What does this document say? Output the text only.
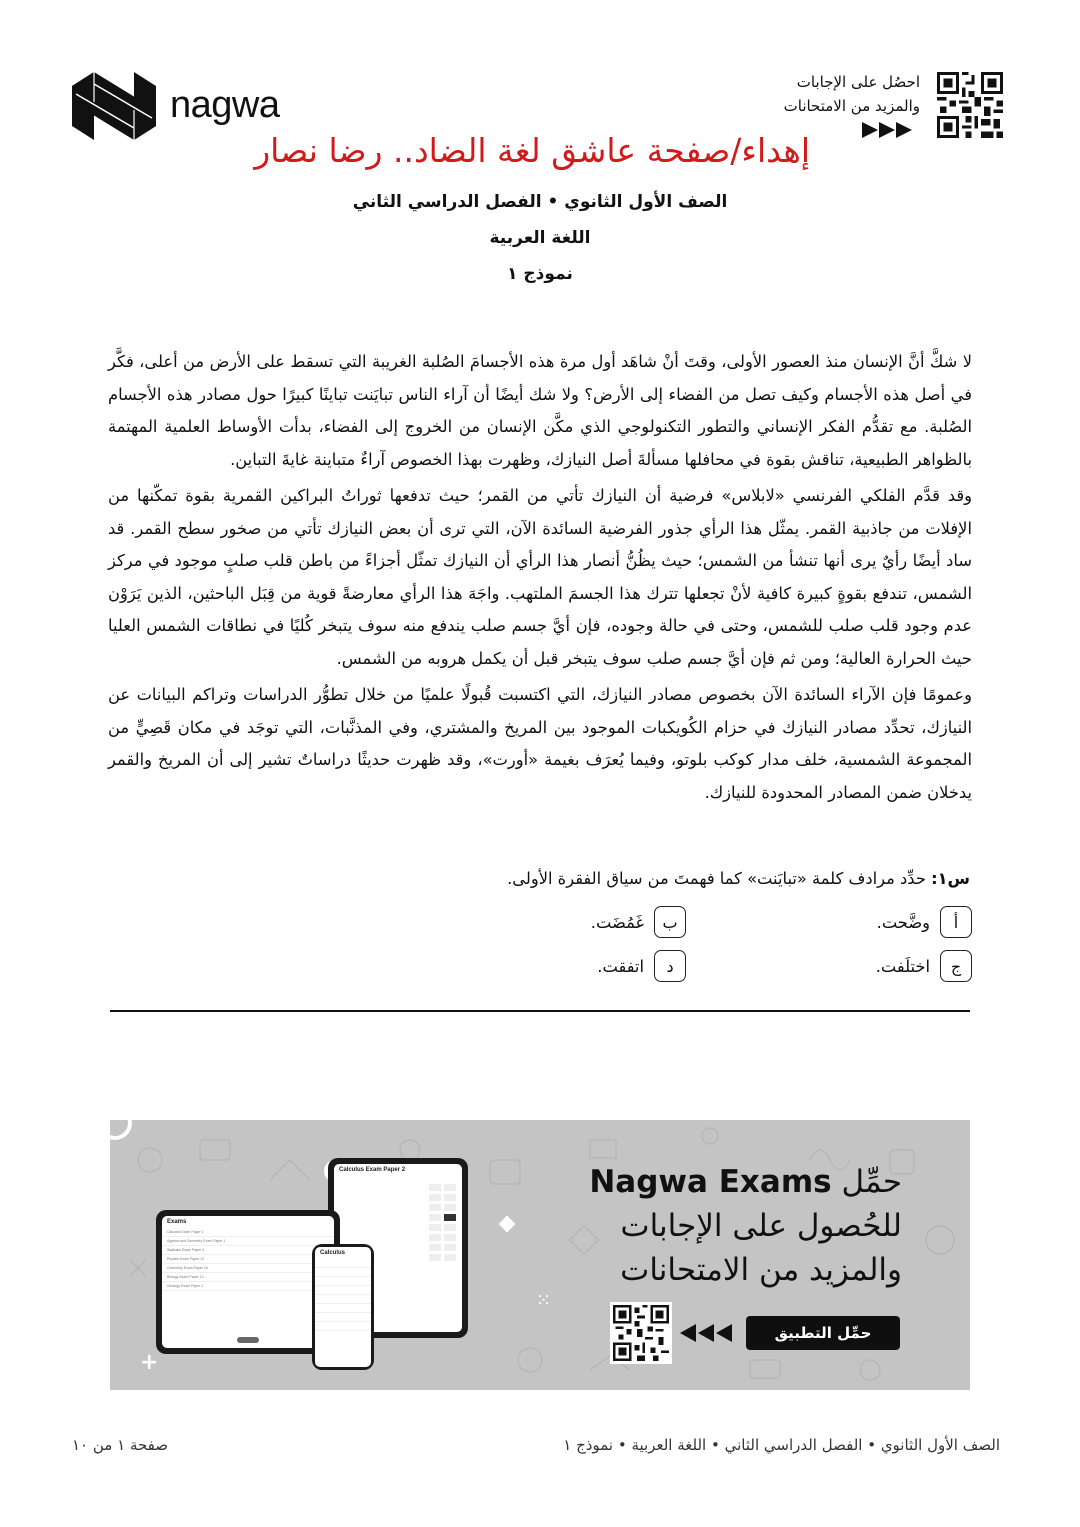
nagwa
احصُل على الإجابات
والمزيد من الامتحانات
إهداء/صفحة عاشق لغة الضاد.. رضا نصار
الصف الأول الثانوي • الفصل الدراسي الثاني
اللغة العربية
نموذج ١

لا شكَّ أنَّ الإنسان منذ العصور الأولى، وقتَ أنْ شاهَد أول مرة هذه الأجسامَ الصُلبة الغريبة التي تسقط على الأرض من أعلى، فكَّر في أصل هذه الأجسام وكيف تصل من الفضاء إلى الأرض؟ ولا شك أيضًا أن آراء الناس تبايَنت تباينًا كبيرًا حول مصادر هذه الأجسام الصُلبة. مع تقدُّم الفكر الإنساني والتطور التكنولوجي الذي مكَّن الإنسان من الخروج إلى الفضاء، بدأت الأوساط العلمية المهتمة بالظواهر الطبيعية، تناقش بقوة في محافلها مسألةَ أصل النيازك، وظهرت بهذا الخصوص آراءٌ متباينة غايةَ التباين.

وقد قدَّم الفلكي الفرنسي «لابلاس» فرضية أن النيازك تأتي من القمر؛ حيث تدفعها ثوراتُ البراكين القمرية بقوة تمكّنها من الإفلات من جاذبية القمر. يمثّل هذا الرأي جذور الفرضية السائدة الآن، التي ترى أن بعض النيازك تأتي من صخور سطح القمر. قد ساد أيضًا رأيٌ يرى أنها تنشأ من الشمس؛ حيث يظُنُّ أنصار هذا الرأي أن النيازك تمثّل أجزاءً من باطن قلب صلبٍ موجود في مركز الشمس، تندفع بقوةٍ كبيرة كافية لأنْ تجعلها تترك هذا الجسمَ الملتهب. واجَهَ هذا الرأي معارضةً قوية من قِبَل الباحثين، الذين يَرَوْن عدم وجود قلب صلب للشمس، وحتى في حالة وجوده، فإن أيَّ جسم صلب يندفع منه سوف يتبخر كُليًا في نطاقات الشمس العليا حيث الحرارة العالية؛ ومن ثم فإن أيَّ جسم صلب سوف يتبخر قبل أن يكمل هروبه من الشمس.

وعمومًا فإن الآراء السائدة الآن بخصوص مصادر النيازك، التي اكتسبت قُبولًا علميًا من خلال تطوُّر الدراسات وتراكم البيانات عن النيازك، تحدِّد مصادر النيازك في حزام الكُويكبات الموجود بين المريخ والمشتري، وفي المذنَّبات، التي توجَد في مكان قَصِيٍّ من المجموعة الشمسية، خلف مدار كوكب بلوتو، وفيما يُعرَف بغيمة «أورت»، وقد ظهرت حديثًا دراساتٌ تشير إلى أن المريخ والقمر يدخلان ضمن المصادر المحدودة للنيازك.

س١: حدِّد مرادف كلمة «تبايَنت» كما فهمتَ من سياق الفقرة الأولى.
أ
وضَّحت.
ب
غَمُضَت.
ج
اختلَفت.
د
اتفقت.
+
⁙
Calculus Exam Paper 2
Exams
Calculus Exam Paper 1
Algebra and Geometry Exam Paper 1
Statistics Exam Paper 4
Physics Exam Paper 12
Chemistry Exam Paper 10
Biology Exam Paper 12
Geology Exam Paper 1
Calculus
حمِّل Nagwa Exams
للحُصول على الإجابات
والمزيد من الامتحانات
حمِّل التطبيق
صفحة ١ من ١٠	الصف الأول الثانوي • الفصل الدراسي الثاني • اللغة العربية • نموذج ١
